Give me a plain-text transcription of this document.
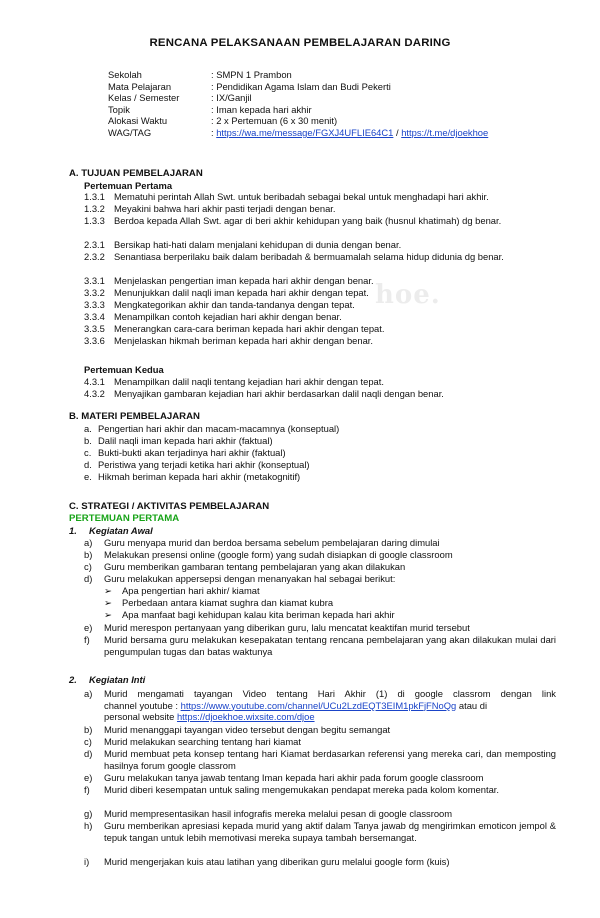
RENCANA PELAKSANAAN PEMBELAJARAN DARING
Sekolah	: SMPN 1 Prambon
Mata Pelajaran	: Pendidikan Agama Islam dan Budi Pekerti
Kelas / Semester	: IX/Ganjil
Topik	: Iman kepada hari akhir
Alokasi Waktu	: 2 x Pertemuan (6 x 30 menit)
WAG/TAG	: https://wa.me/message/FGXJ4UFLIE64C1 / https://t.me/djoekhoe
hoe.
A. TUJUAN PEMBELAJARAN
Pertemuan Pertama
1.3.1 Mematuhi perintah Allah Swt. untuk beribadah sebagai bekal untuk menghadapi hari akhir.
1.3.2 Meyakini bahwa hari akhir pasti terjadi dengan benar.
1.3.3 Berdoa kepada Allah Swt. agar di beri akhir kehidupan yang baik (husnul khatimah) dg benar.
2.3.1 Bersikap hati-hati dalam menjalani kehidupan di dunia dengan benar.
2.3.2 Senantiasa berperilaku baik dalam beribadah & bermuamalah selama hidup didunia dg benar.
3.3.1 Menjelaskan pengertian iman kepada hari akhir dengan benar.
3.3.2 Menunjukkan dalil naqli iman kepada hari akhir dengan tepat.
3.3.3 Mengkategorikan akhir dan tanda-tandanya dengan tepat.
3.3.4 Menampilkan contoh kejadian hari akhir dengan benar.
3.3.5 Menerangkan cara-cara beriman kepada hari akhir dengan tepat.
3.3.6 Menjelaskan hikmah beriman kepada hari akhir dengan benar.
Pertemuan Kedua
4.3.1 Menampilkan dalil naqli tentang kejadian hari akhir dengan tepat.
4.3.2 Menyajikan gambaran kejadian hari akhir berdasarkan dalil naqli dengan benar.
B. MATERI PEMBELAJARAN
a. Pengertian hari akhir dan macam-macamnya (konseptual)
b. Dalil naqli iman kepada hari akhir (faktual)
c. Bukti-bukti akan terjadinya hari akhir (faktual)
d. Peristiwa yang terjadi ketika hari akhir (konseptual)
e. Hikmah beriman kepada hari akhir (metakognitif)
C. STRATEGI / AKTIVITAS PEMBELAJARAN
PERTEMUAN PERTAMA
1. Kegiatan Awal
a)	Guru menyapa murid dan berdoa bersama sebelum pembelajaran daring dimulai
b)	Melakukan presensi online (google form) yang sudah disiapkan di google classroom
c)	Guru memberikan gambaran tentang pembelajaran yang akan dilakukan
d)	Guru melakukan appersepsi dengan menanyakan hal sebagai berikut:
➢	Apa pengertian hari akhir/ kiamat
➢	Perbedaan antara kiamat sughra dan kiamat kubra
➢	Apa manfaat bagi kehidupan kalau kita beriman kepada hari akhir
e)	Murid merespon pertanyaan yang diberikan guru, lalu mencatat keaktifan murid tersebut
f)	Murid bersama guru melakukan kesepakatan tentang rencana pembelajaran yang akan dilakukan mulai dari pengumpulan tugas dan batas waktunya
2. Kegiatan Inti
a)	Murid mengamati tayangan Video tentang Hari Akhir (1) di google classrom dengan link
channel youtube : https://www.youtube.com/channel/UCu2LzdEQT3EIM1pkFjFNoQg atau di
personal website https://djoekhoe.wixsite.com/djoe
b)	Murid menanggapi tayangan video tersebut dengan begitu semangat
c)	Murid melakukan searching tentang hari kiamat
d)	Murid membuat peta konsep tentang hari Kiamat berdasarkan referensi yang mereka cari, dan memposting hasilnya forum google classrom
e)	Guru melakukan tanya jawab tentang Iman kepada hari akhir pada forum google classroom
f)	Murid diberi kesempatan untuk saling mengemukakan pendapat mereka pada kolom komentar.
g)	Murid mempresentasikan hasil infografis mereka melalui pesan di google classroom
h)	Guru memberikan apresiasi kepada murid yang aktif dalam Tanya jawab dg mengirimkan emoticon jempol & tepuk tangan untuk lebih memotivasi mereka supaya tambah bersemangat.
i)	Murid mengerjakan kuis atau latihan yang diberikan guru melalui google form (kuis)
